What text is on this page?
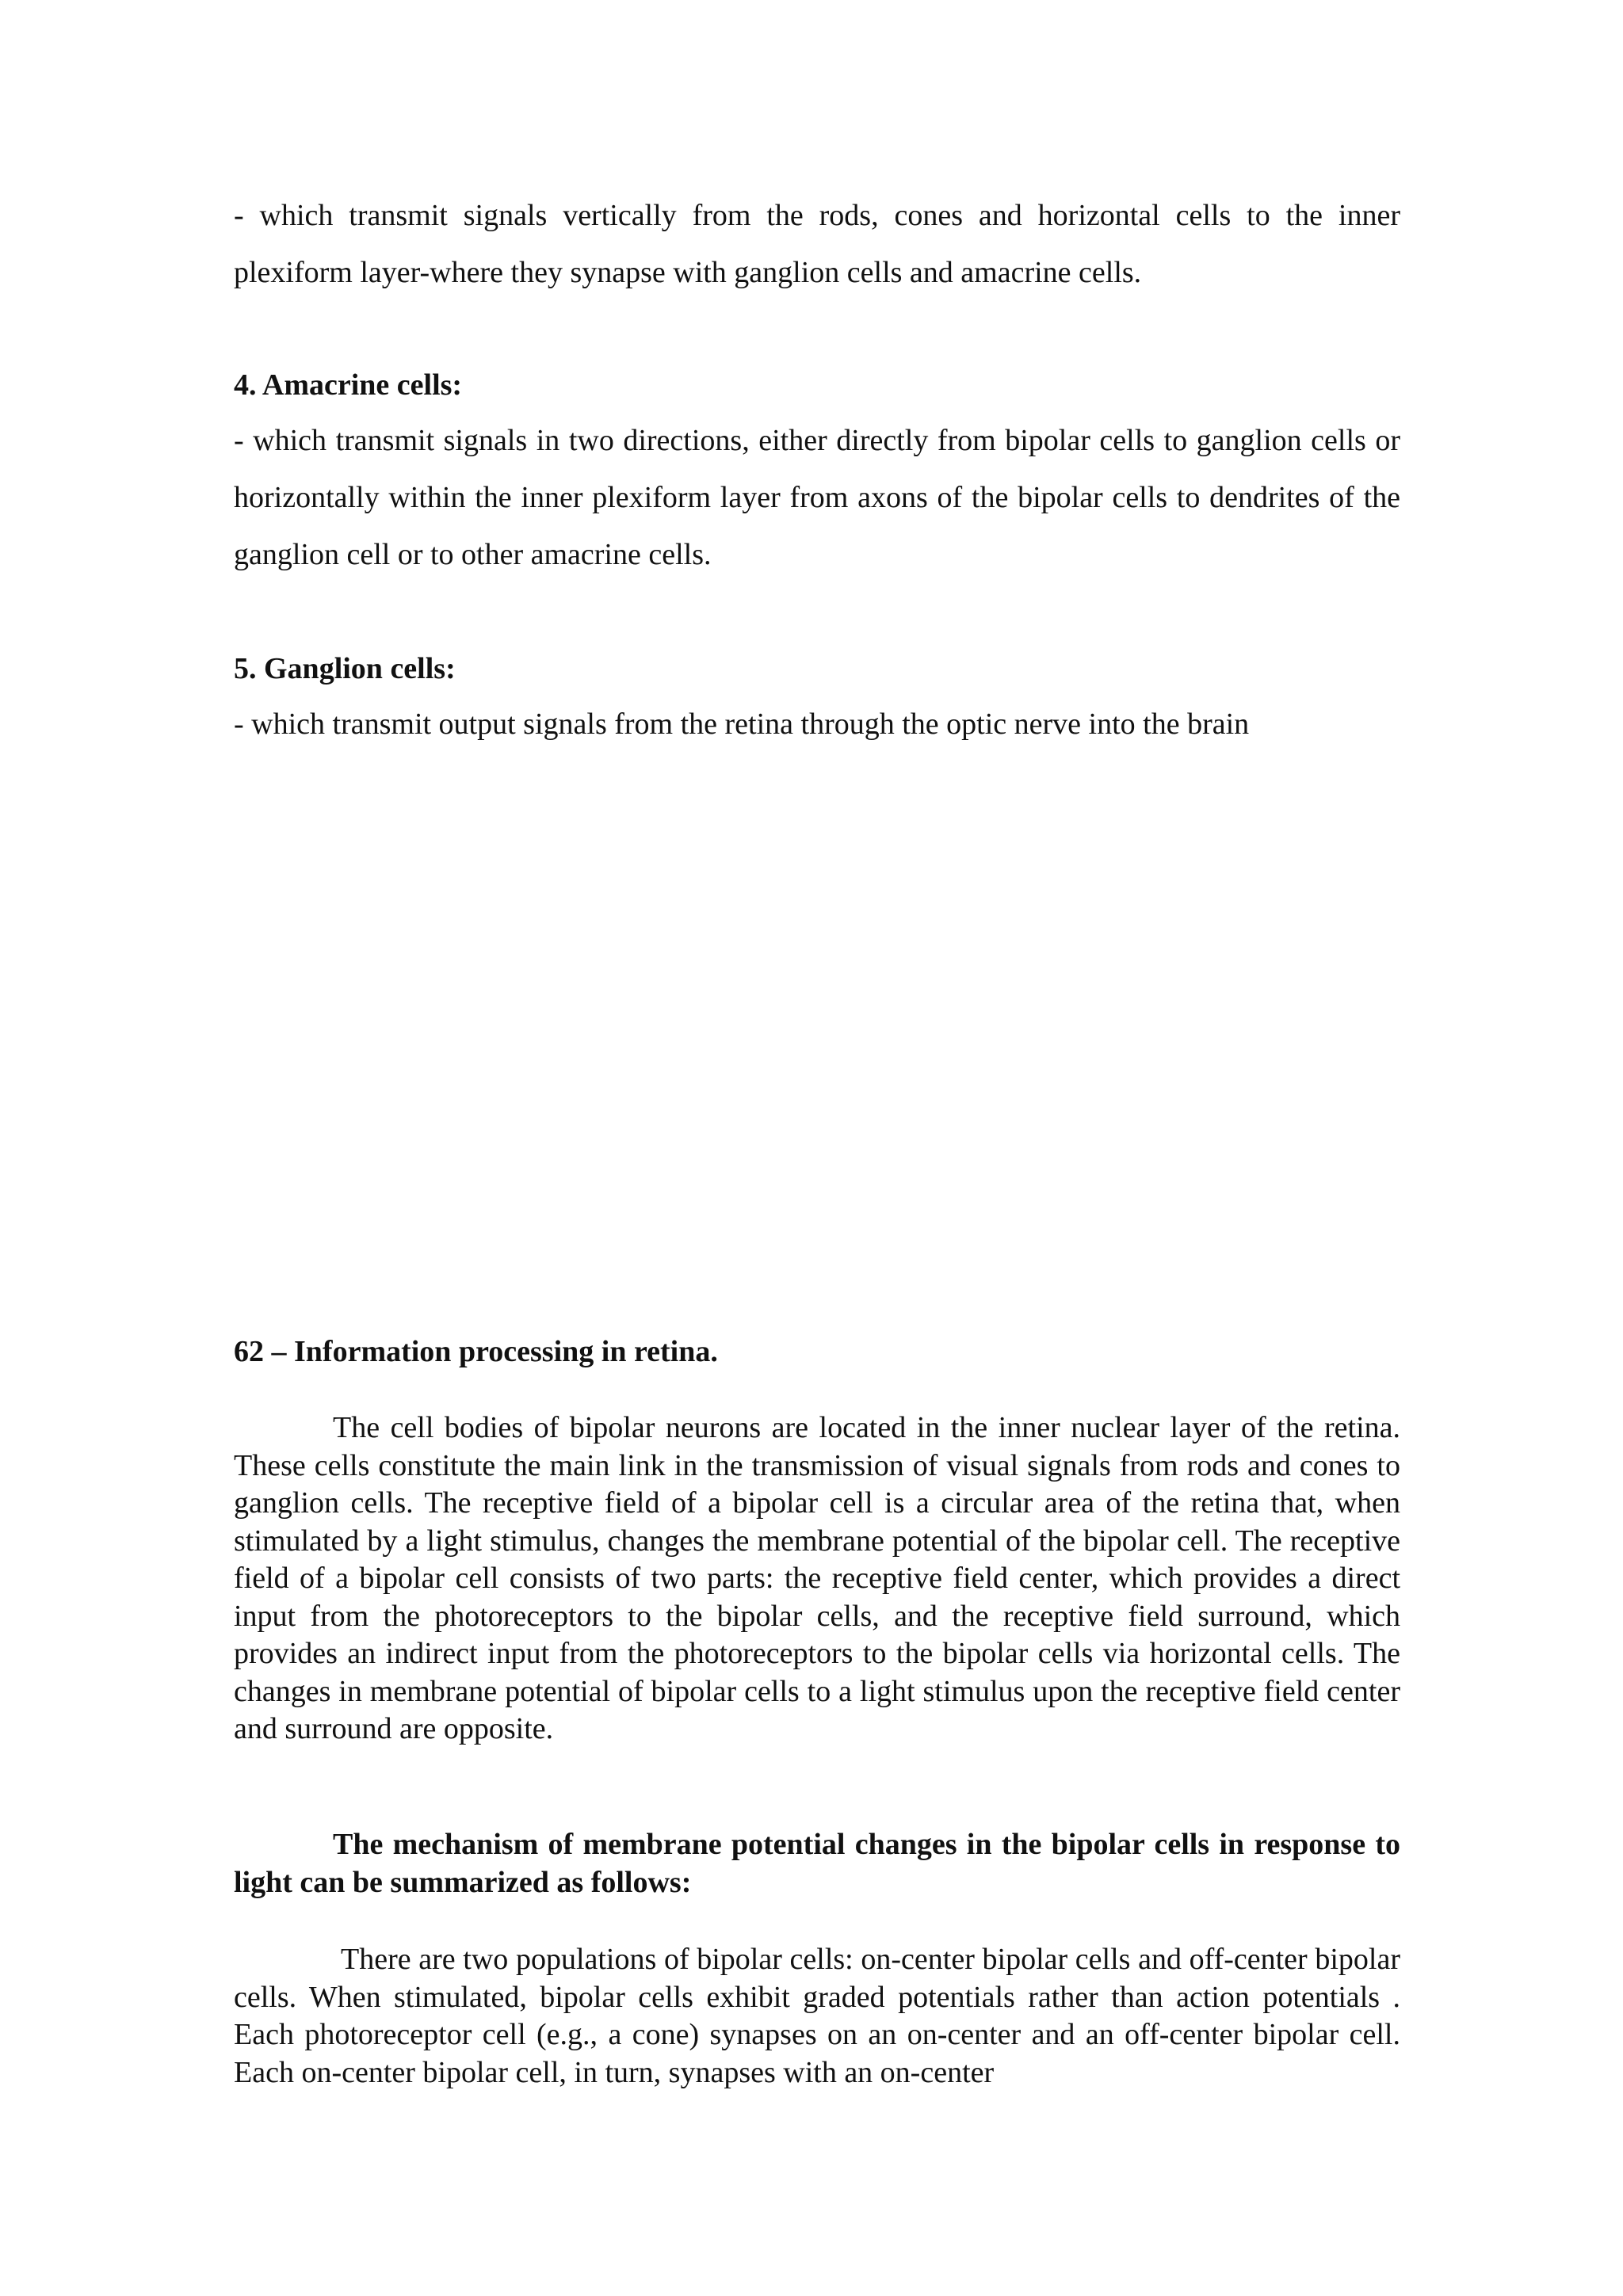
- which transmit signals vertically from the rods, cones and horizontal cells to the inner plexiform layer-where they synapse with ganglion cells and amacrine cells.

4. Amacrine cells:

- which transmit signals in two directions, either directly from bipolar cells to ganglion cells or horizontally within the inner plexiform layer from axons of the bipolar cells to dendrites of the ganglion cell or to other amacrine cells.

5. Ganglion cells:

- which transmit output signals from the retina through the optic nerve into the brain

62 – Information processing in retina.

The cell bodies of bipolar neurons are located in the inner nuclear layer of the retina. These cells constitute the main link in the transmission of visual signals from rods and cones to ganglion cells. The receptive field of a bipolar cell is a circular area of the retina that, when stimulated by a light stimulus, changes the membrane potential of the bipolar cell. The receptive field of a bipolar cell consists of two parts: the receptive field center, which provides a direct input from the photoreceptors to the bipolar cells, and the receptive field surround, which provides an indirect input from the photoreceptors to the bipolar cells via horizontal cells. The changes in membrane potential of bipolar cells to a light stimulus upon the receptive field center and surround are opposite.

The mechanism of membrane potential changes in the bipolar cells in response to light can be summarized as follows:

There are two populations of bipolar cells: on-center bipolar cells and off-center bipolar cells. When stimulated, bipolar cells exhibit graded potentials rather than action potentials . Each photoreceptor cell (e.g., a cone) synapses on an on-center and an off-center bipolar cell. Each on-center bipolar cell, in turn, synapses with an on-center
